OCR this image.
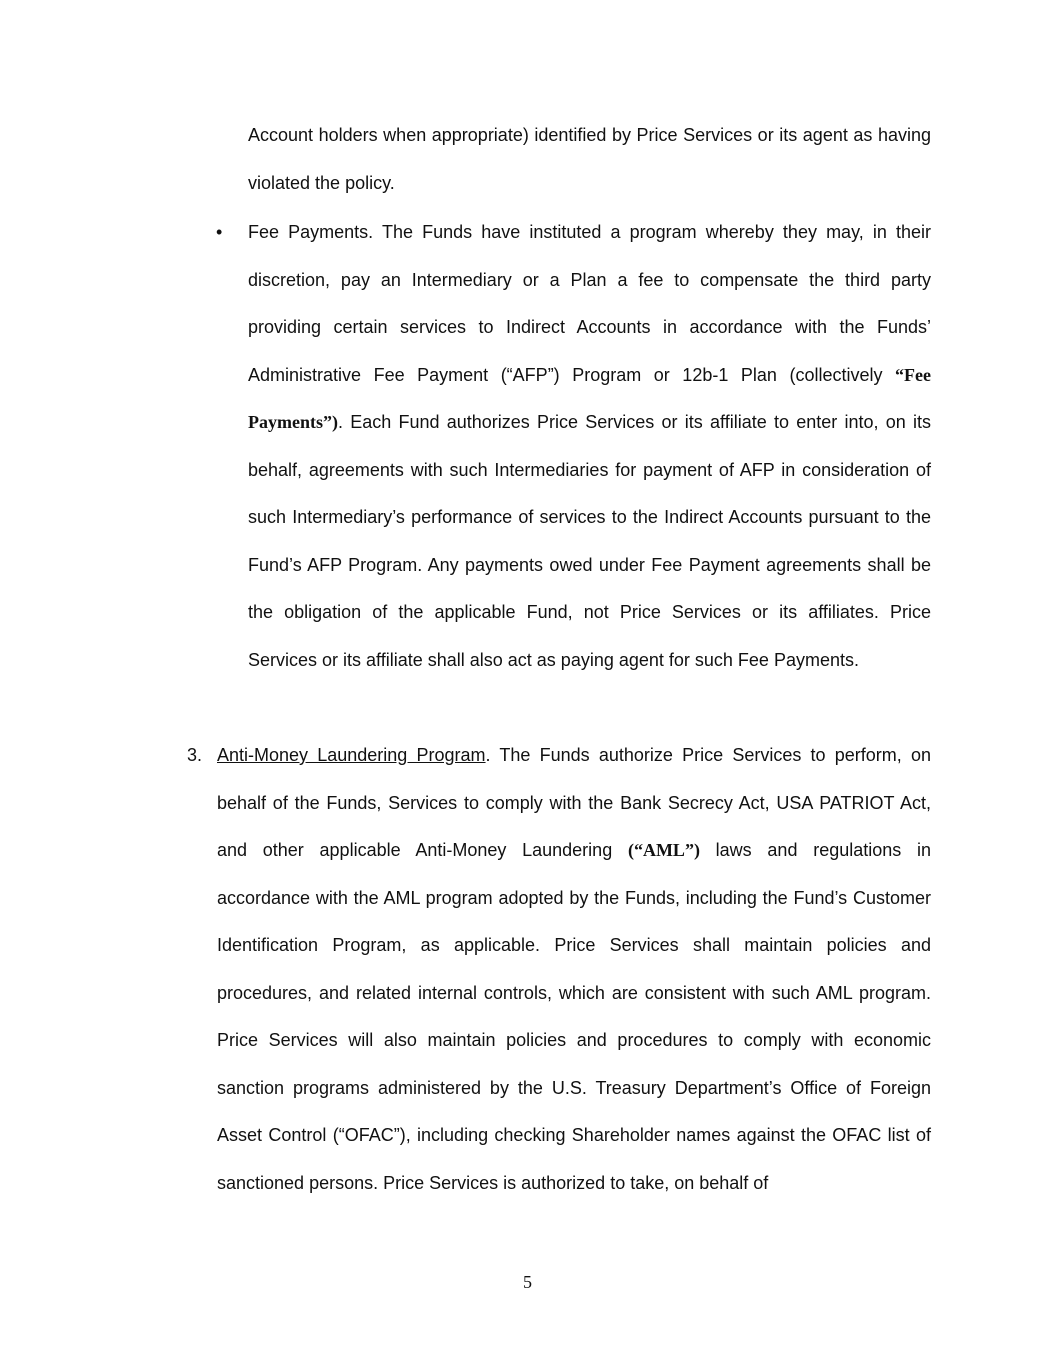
Account holders when appropriate) identified by Price Services or its agent as having violated the policy.

• Fee Payments. The Funds have instituted a program whereby they may, in their discretion, pay an Intermediary or a Plan a fee to compensate the third party providing certain services to Indirect Accounts in accordance with the Funds’ Administrative Fee Payment (“AFP”) Program or 12b-1 Plan (collectively “Fee Payments”). Each Fund authorizes Price Services or its affiliate to enter into, on its behalf, agreements with such Intermediaries for payment of AFP in consideration of such Intermediary’s performance of services to the Indirect Accounts pursuant to the Fund’s AFP Program. Any payments owed under Fee Payment agreements shall be the obligation of the applicable Fund, not Price Services or its affiliates. Price Services or its affiliate shall also act as paying agent for such Fee Payments.

3. Anti-Money Laundering Program. The Funds authorize Price Services to perform, on behalf of the Funds, Services to comply with the Bank Secrecy Act, USA PATRIOT Act, and other applicable Anti-Money Laundering (“AML”) laws and regulations in accordance with the AML program adopted by the Funds, including the Fund’s Customer Identification Program, as applicable. Price Services shall maintain policies and procedures, and related internal controls, which are consistent with such AML program. Price Services will also maintain policies and procedures to comply with economic sanction programs administered by the U.S. Treasury Department’s Office of Foreign Asset Control (“OFAC”), including checking Shareholder names against the OFAC list of sanctioned persons. Price Services is authorized to take, on behalf of

5
